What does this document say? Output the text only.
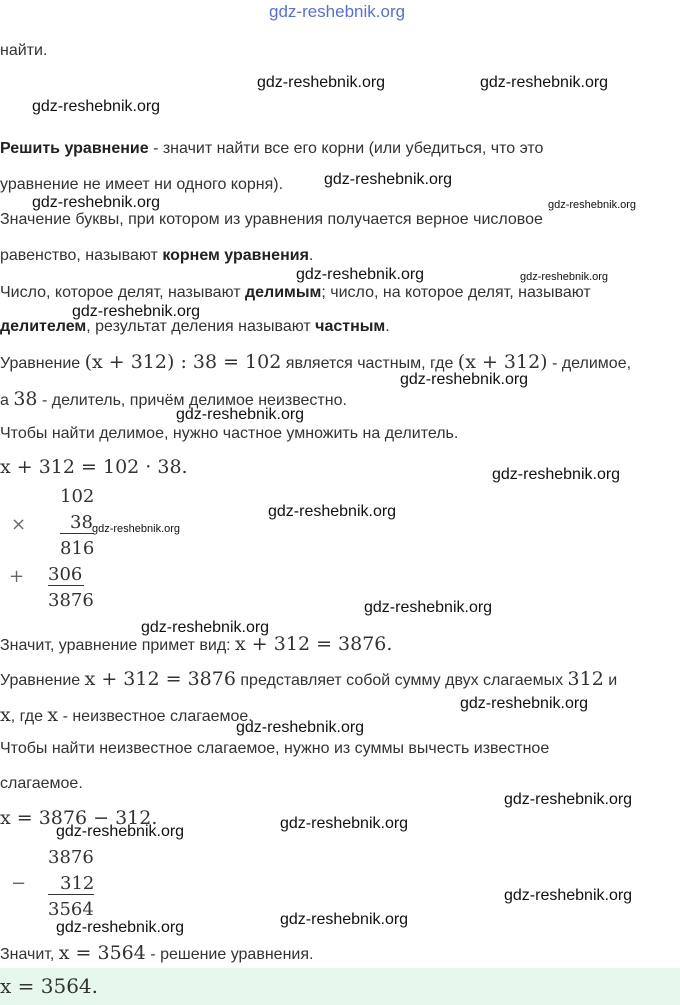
gdz-reshebnik.org
найти.
Решить уравнение - значит найти все его корни (или убедиться, что это
уравнение не имеет ни одного корня).
Значение буквы, при котором из уравнения получается верное числовое
равенство, называют корнем уравнения.
Число, которое делят, называют делимым; число, на которое делят, называют
делителем, результат деления называют частным.
Уравнение (x + 312) : 38 = 102 является частным, где (x + 312) - делимое,
а 38 - делитель, причём делимое неизвестно.
Чтобы найти делимое, нужно частное умножить на делитель.
x + 312 = 102 · 38.
102
×	38
816
+ 306
3876
Значит, уравнение примет вид: x + 312 = 3876.
Уравнение x + 312 = 3876 представляет собой сумму двух слагаемых 312 и
x, где x - неизвестное слагаемое.
Чтобы найти неизвестное слагаемое, нужно из суммы вычесть известное
слагаемое.
x = 3876 − 312.
3876
−	312
3564
Значит, x = 3564 - решение уравнения.
x = 3564.
gdz-reshebnik.org	gdz-reshebnik.org
gdz-reshebnik.org
gdz-reshebnik.org
gdz-reshebnik.org	gdz-reshebnik.org
gdz-reshebnik.org	gdz-reshebnik.org
gdz-reshebnik.org
gdz-reshebnik.org
gdz-reshebnik.org
gdz-reshebnik.org
gdz-reshebnik.org
gdz-reshebnik.org
gdz-reshebnik.org
gdz-reshebnik.org
gdz-reshebnik.org
gdz-reshebnik.org
gdz-reshebnik.org
gdz-reshebnik.org
gdz-reshebnik.org
gdz-reshebnik.org
gdz-reshebnik.org
gdz-reshebnik.org
